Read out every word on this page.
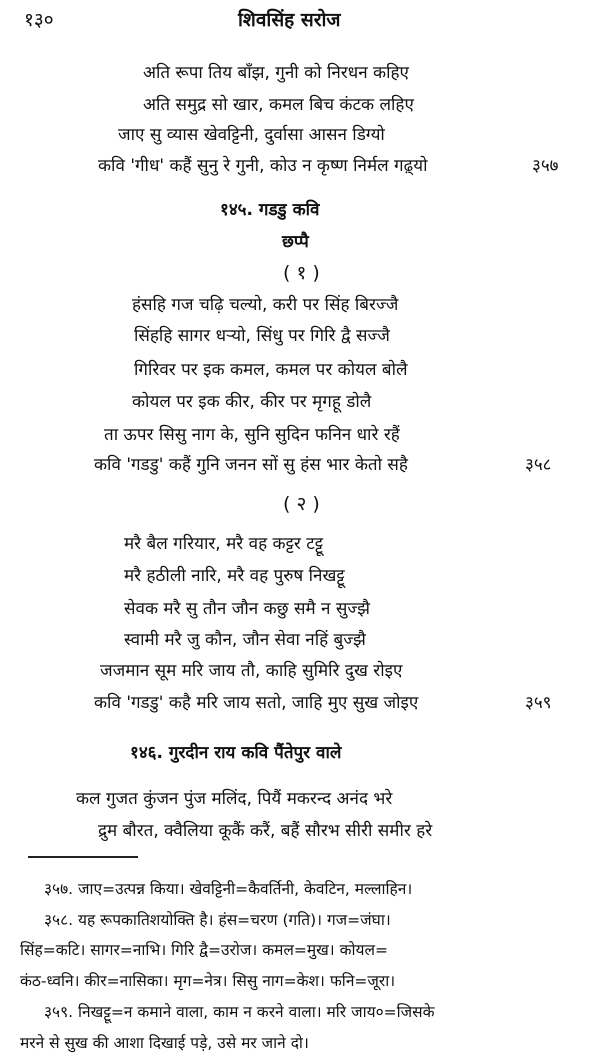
१३०	शिवसिंह सरोज
अति रूपा तिय बाँझ, गुनी को निरधन कहिए
अति समुद्र सो खार, कमल बिच कंटक लहिए
जाए सु व्यास खेवट्टिनी, दुर्वासा आसन डिग्यो
कवि 'गीध' कहैं सुनु रे गुनी, कोउ न कृष्ण निर्मल गढ़्यो	३५७
१४५. गडडु कवि
छप्पै
( १ )
हंसहि गज चढ़ि चल्यो, करी पर सिंह बिरज्जै
सिंहहि सागर धर्‍यो, सिंधु पर गिरि द्वै सज्जै
गिरिवर पर इक कमल, कमल पर कोयल बोलै
कोयल पर इक कीर, कीर पर मृगहू डोलै
ता ऊपर सिसु नाग के, सुनि सुदिन फनिन धारे रहैं
कवि 'गडडु' कहैं गुनि जनन सों सु हंस भार केतो सहै	३५८
( २ )
मरै बैल गरियार, मरै वह कट्टर टट्टू
मरै हठीली नारि, मरै वह पुरुष निखट्टू
सेवक मरै सु तौन जौन कछु समै न सुज्झै
स्वामी मरै जु कौन, जौन सेवा नहिं बुज्झै
जजमान सूम मरि जाय तौ, काहि सुमिरि दुख रोइए
कवि 'गडडु' कहै मरि जाय सतो, जाहि मुए सुख जोइए	३५९
१४६. गुरदीन राय कवि पैंतेपुर वाले
कल गुजत कुंजन पुंज मलिंद, पियैं मकरन्द अनंद भरे
द्रुम बौरत, क्वैलिया कूकैं करैं, बहैं सौरभ सीरी समीर हरे
३५७. जाए=उत्पन्न किया। खेवट्टिनी=कैवर्तिनी, केवटिन, मल्लाहिन।
३५८. यह रूपकातिशयोक्ति है। हंस=चरण (गति)। गज=जंघा।
सिंह=कटि। सागर=नाभि। गिरि द्वै=उरोज। कमल=मुख। कोयल=
कंठ-ध्वनि। कीर=नासिका। मृग=नेत्र। सिसु नाग=केश। फनि=जूरा।
३५९. निखट्टू=न कमाने वाला, काम न करने वाला। मरि जाय०=जिसके
मरने से सुख की आशा दिखाई पड़े, उसे मर जाने दो।
